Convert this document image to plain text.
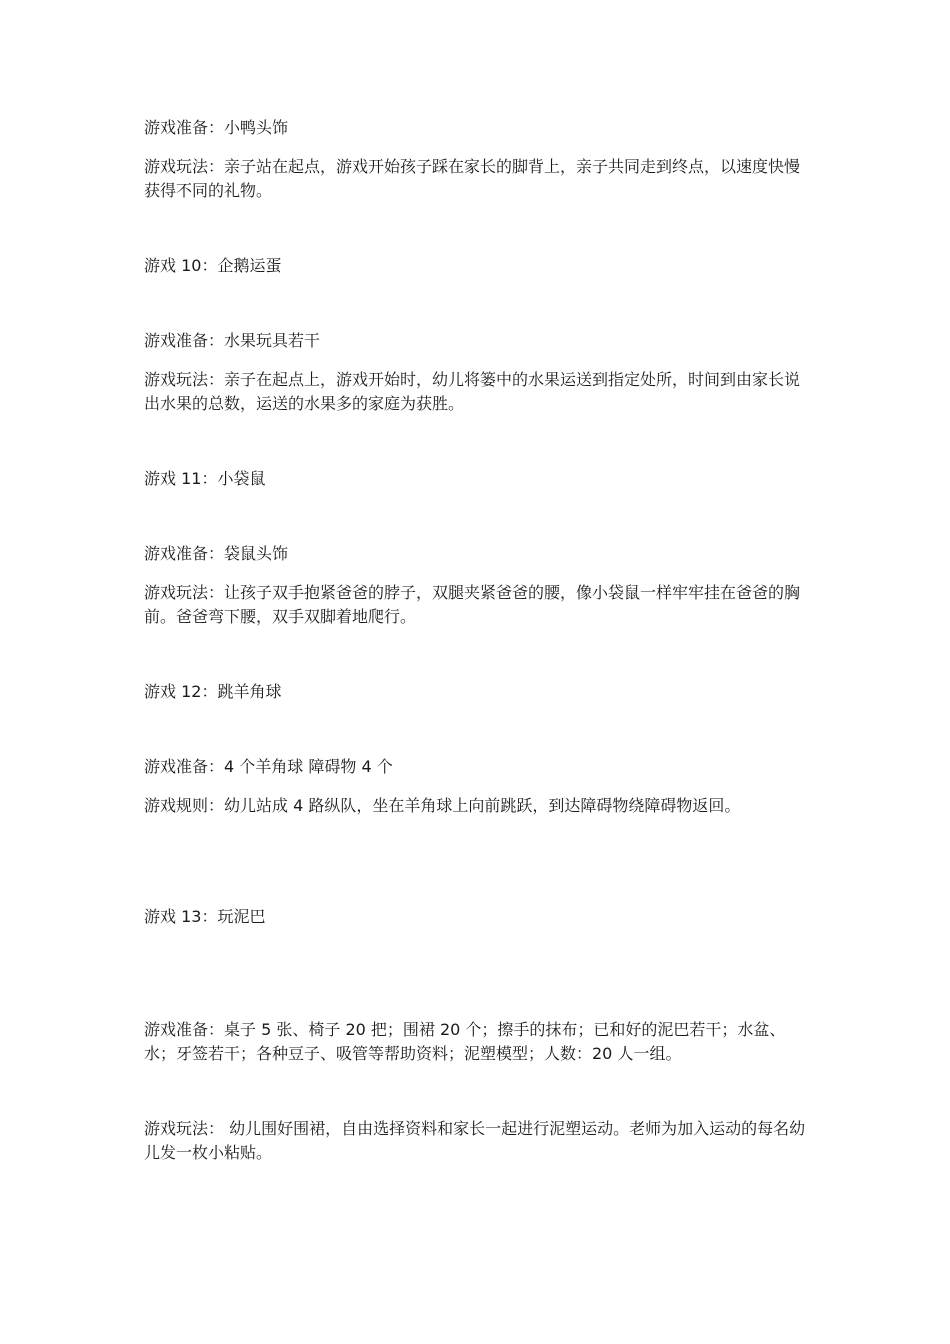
游戏准备：小鸭头饰
游戏玩法：亲子站在起点，游戏开始孩子踩在家长的脚背上，亲子共同走到终点，以速度快慢获得不同的礼物。
游戏 10：企鹅运蛋
游戏准备：水果玩具若干
游戏玩法：亲子在起点上，游戏开始时，幼儿将篓中的水果运送到指定处所，时间到由家长说出水果的总数，运送的水果多的家庭为获胜。
游戏 11：小袋鼠
游戏准备：袋鼠头饰
游戏玩法：让孩子双手抱紧爸爸的脖子，双腿夹紧爸爸的腰，像小袋鼠一样牢牢挂在爸爸的胸前。爸爸弯下腰，双手双脚着地爬行。
游戏 12：跳羊角球
游戏准备：4 个羊角球 障碍物 4 个
游戏规则：幼儿站成 4 路纵队，坐在羊角球上向前跳跃，到达障碍物绕障碍物返回。
游戏 13：玩泥巴
游戏准备：桌子 5 张、椅子 20 把；围裙 20 个；擦手的抹布；已和好的泥巴若干；水盆、水；牙签若干；各种豆子、吸管等帮助资料；泥塑模型；人数：20 人一组。
游戏玩法： 幼儿围好围裙，自由选择资料和家长一起进行泥塑运动。老师为加入运动的每名幼儿发一枚小粘贴。
